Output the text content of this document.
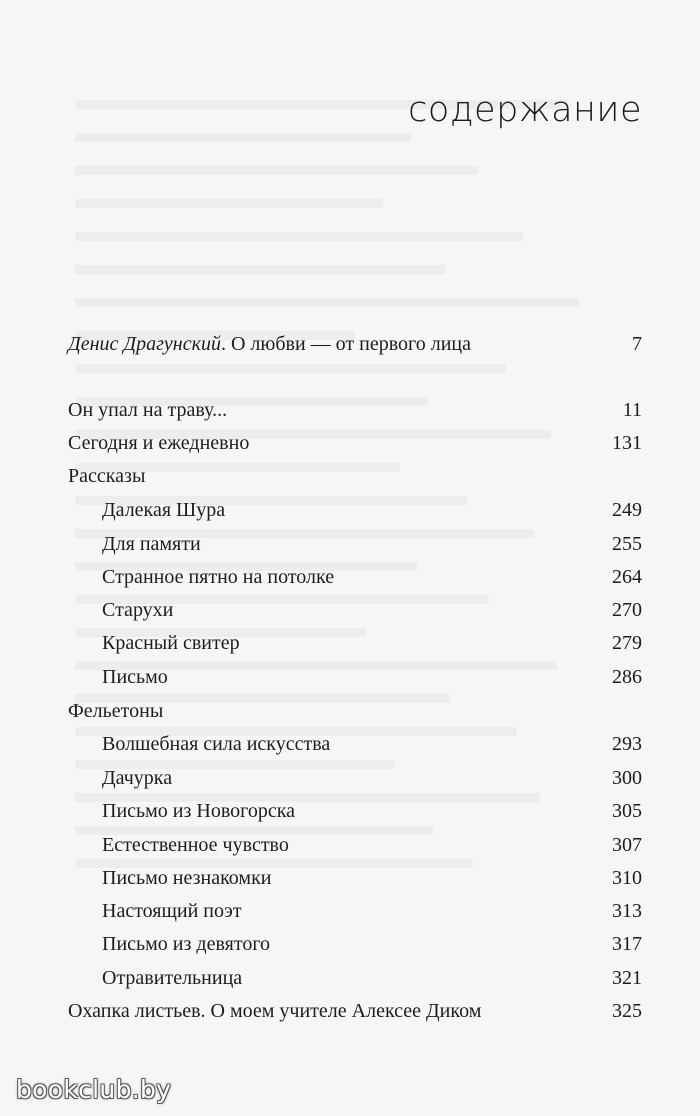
содержание
Денис Драгунский. О любви — от первого лица	7
Он упал на траву...	11
Сегодня и ежедневно	131
Рассказы
Далекая Шура	249
Для памяти	255
Странное пятно на потолке	264
Старухи	270
Красный свитер	279
Письмо	286
Фельетоны
Волшебная сила искусства	293
Дачурка	300
Письмо из Новогорска	305
Естественное чувство	307
Письмо незнакомки	310
Настоящий поэт	313
Письмо из девятого	317
Отравительница	321
Охапка листьев. О моем учителе Алексее Диком	325
bookclub.by
